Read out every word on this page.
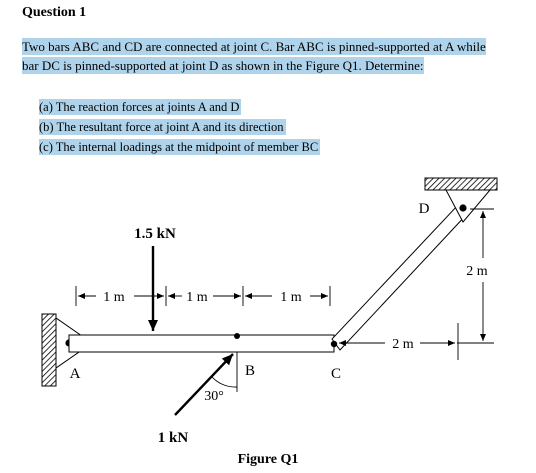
Question 1
Two bars ABC and CD are connected at joint C. Bar ABC is pinned-supported at A while
bar DC is pinned-supported at joint D as shown in the Figure Q1. Determine:
(a) The reaction forces at joints A and D
(b) The resultant force at joint A and its direction
(c) The internal loadings at the midpoint of member BC
1 m	1 m	1 m
1.5 kN
B
1 kN
30°
A	C
D
2 m
2 m
Figure Q1
